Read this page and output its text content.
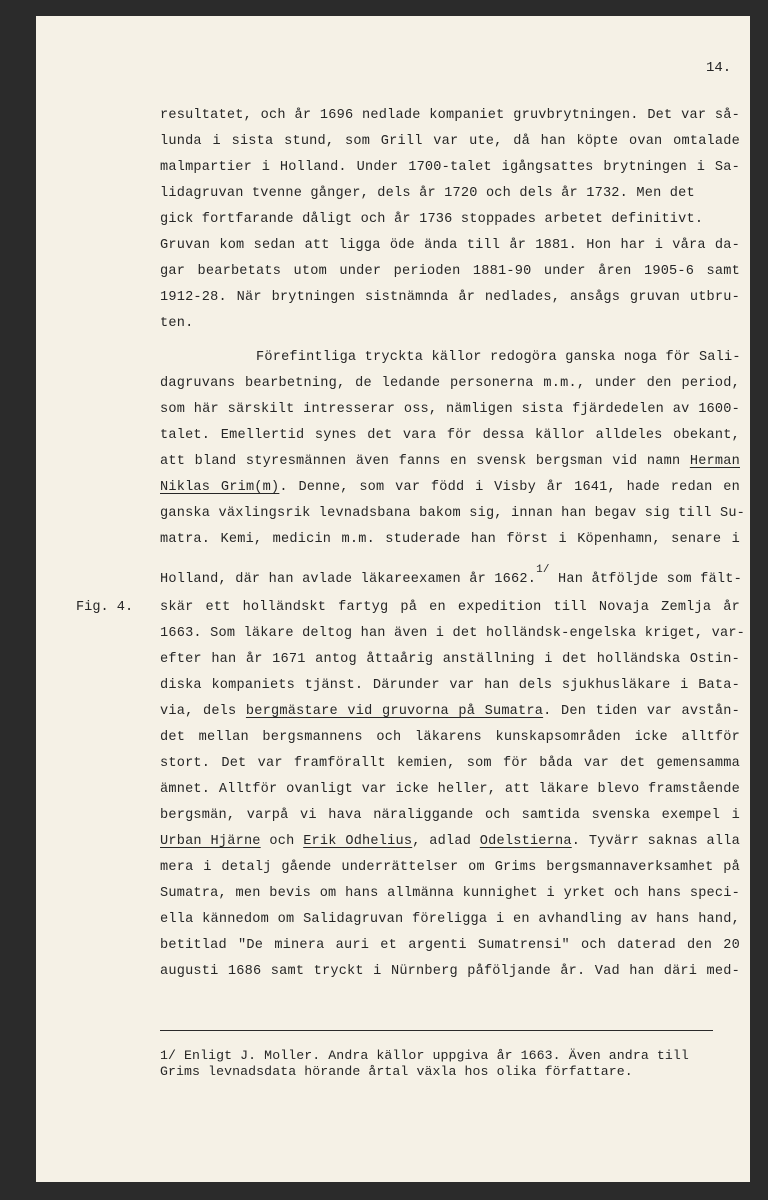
14.
Fig. 4.
resultatet, och år 1696 nedlade kompaniet gruvbrytningen. Det var så-
lunda i sista stund, som Grill var ute, då han köpte ovan omtalade
malmpartier i Holland. Under 1700-talet igångsattes brytningen i Sa-
lidagruvan tvenne gånger, dels år 1720 och dels år 1732. Men det
gick fortfarande dåligt och år 1736 stoppades arbetet definitivt.
Gruvan kom sedan att ligga öde ända till år 1881. Hon har i våra da-
gar bearbetats utom under perioden 1881-90 under åren 1905-6 samt
1912-28. När brytningen sistnämnda år nedlades, ansågs gruvan utbru-
ten.
Förefintliga tryckta källor redogöra ganska noga för Sali-
dagruvans bearbetning, de ledande personerna m.m., under den period,
som här särskilt intresserar oss, nämligen sista fjärdedelen av 1600-
talet. Emellertid synes det vara för dessa källor alldeles obekant,
att bland styresmännen även fanns en svensk bergsman vid namn Herman
Niklas Grim(m). Denne, som var född i Visby år 1641, hade redan en
ganska växlingsrik levnadsbana bakom sig, innan han begav sig till Su-
matra. Kemi, medicin m.m. studerade han först i Köpenhamn, senare i
Holland, där han avlade läkareexamen år 1662.$^{1/}$ Han åtföljde som fält-
skär ett holländskt fartyg på en expedition till Novaja Zemlja år
1663. Som läkare deltog han även i det holländsk-engelska kriget, var-
efter han år 1671 antog åttaårig anställning i det holländska Ostin-
diska kompaniets tjänst. Därunder var han dels sjukhusläkare i Bata-
via, dels bergmästare vid gruvorna på Sumatra. Den tiden var avstån-
det mellan bergsmannens och läkarens kunskapsområden icke alltför
stort. Det var framförallt kemien, som för båda var det gemensamma
ämnet. Alltför ovanligt var icke heller, att läkare blevo framstående
bergsmän, varpå vi hava näraliggande och samtida svenska exempel i
Urban Hjärne och Erik Odhelius, adlad Odelstierna. Tyvärr saknas alla
mera i detalj gående underrättelser om Grims bergsmannaverksamhet på
Sumatra, men bevis om hans allmänna kunnighet i yrket och hans speci-
ella kännedom om Salidagruvan föreligga i en avhandling av hans hand,
betitlad "De minera auri et argenti Sumatrensi" och daterad den 20
augusti 1686 samt tryckt i Nürnberg påföljande år. Vad han däri med-
1/ Enligt J. Moller. Andra källor uppgiva år 1663. Även andra till
Grims levnadsdata hörande årtal växla hos olika författare.
